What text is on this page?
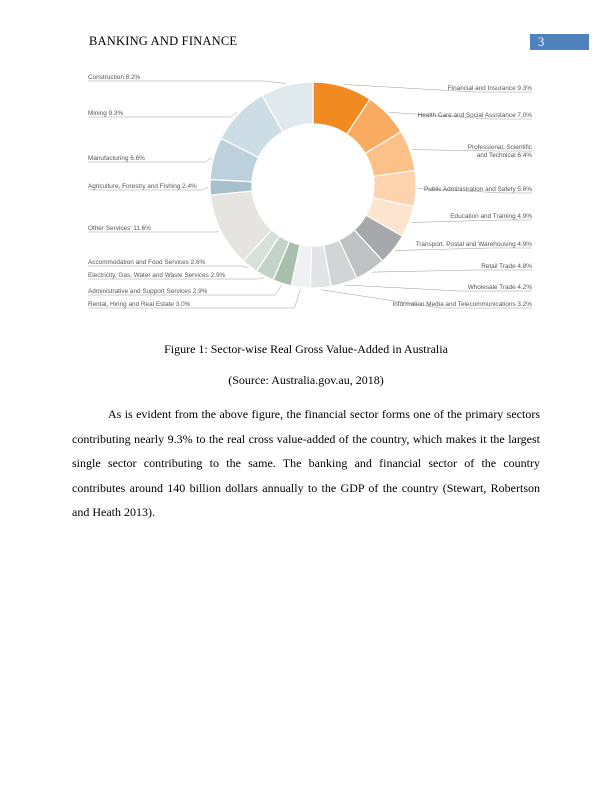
BANKING AND FINANCE	3
Financial and Insurance 9.3%
Health Care and Social Assistance 7.0%
Professional, Scientific
and Technical 6.4%
Public Administration and Safety 5.6%
Education and Training 4.9%
Transport, Postal and Warehousing 4.9%
Retail Trade 4.8%
Wholesale Trade 4.2%
Information Media and Telecommunications 3.2%
Rental, Hiring and Real Estate 3.0%
Administrative and Support Services 2.9%
Electricity, Gas, Water and Waste Services 2.9%
Accommodation and Food Services 2.6%
Other Services' 11.6%
Agriculture, Forestry and Fishing 2.4%
Manufacturing 6.6%
Mining 9.3%
Construction 8.2%
Figure 1: Sector-wise Real Gross Value-Added in Australia
(Source: Australia.gov.au, 2018)

As is evident from the above figure, the financial sector forms one of the primary sectors contributing nearly 9.3% to the real cross value-added of the country, which makes it the largest single sector contributing to the same. The banking and financial sector of the country contributes around 140 billion dollars annually to the GDP of the country (Stewart, Robertson and Heath 2013).
